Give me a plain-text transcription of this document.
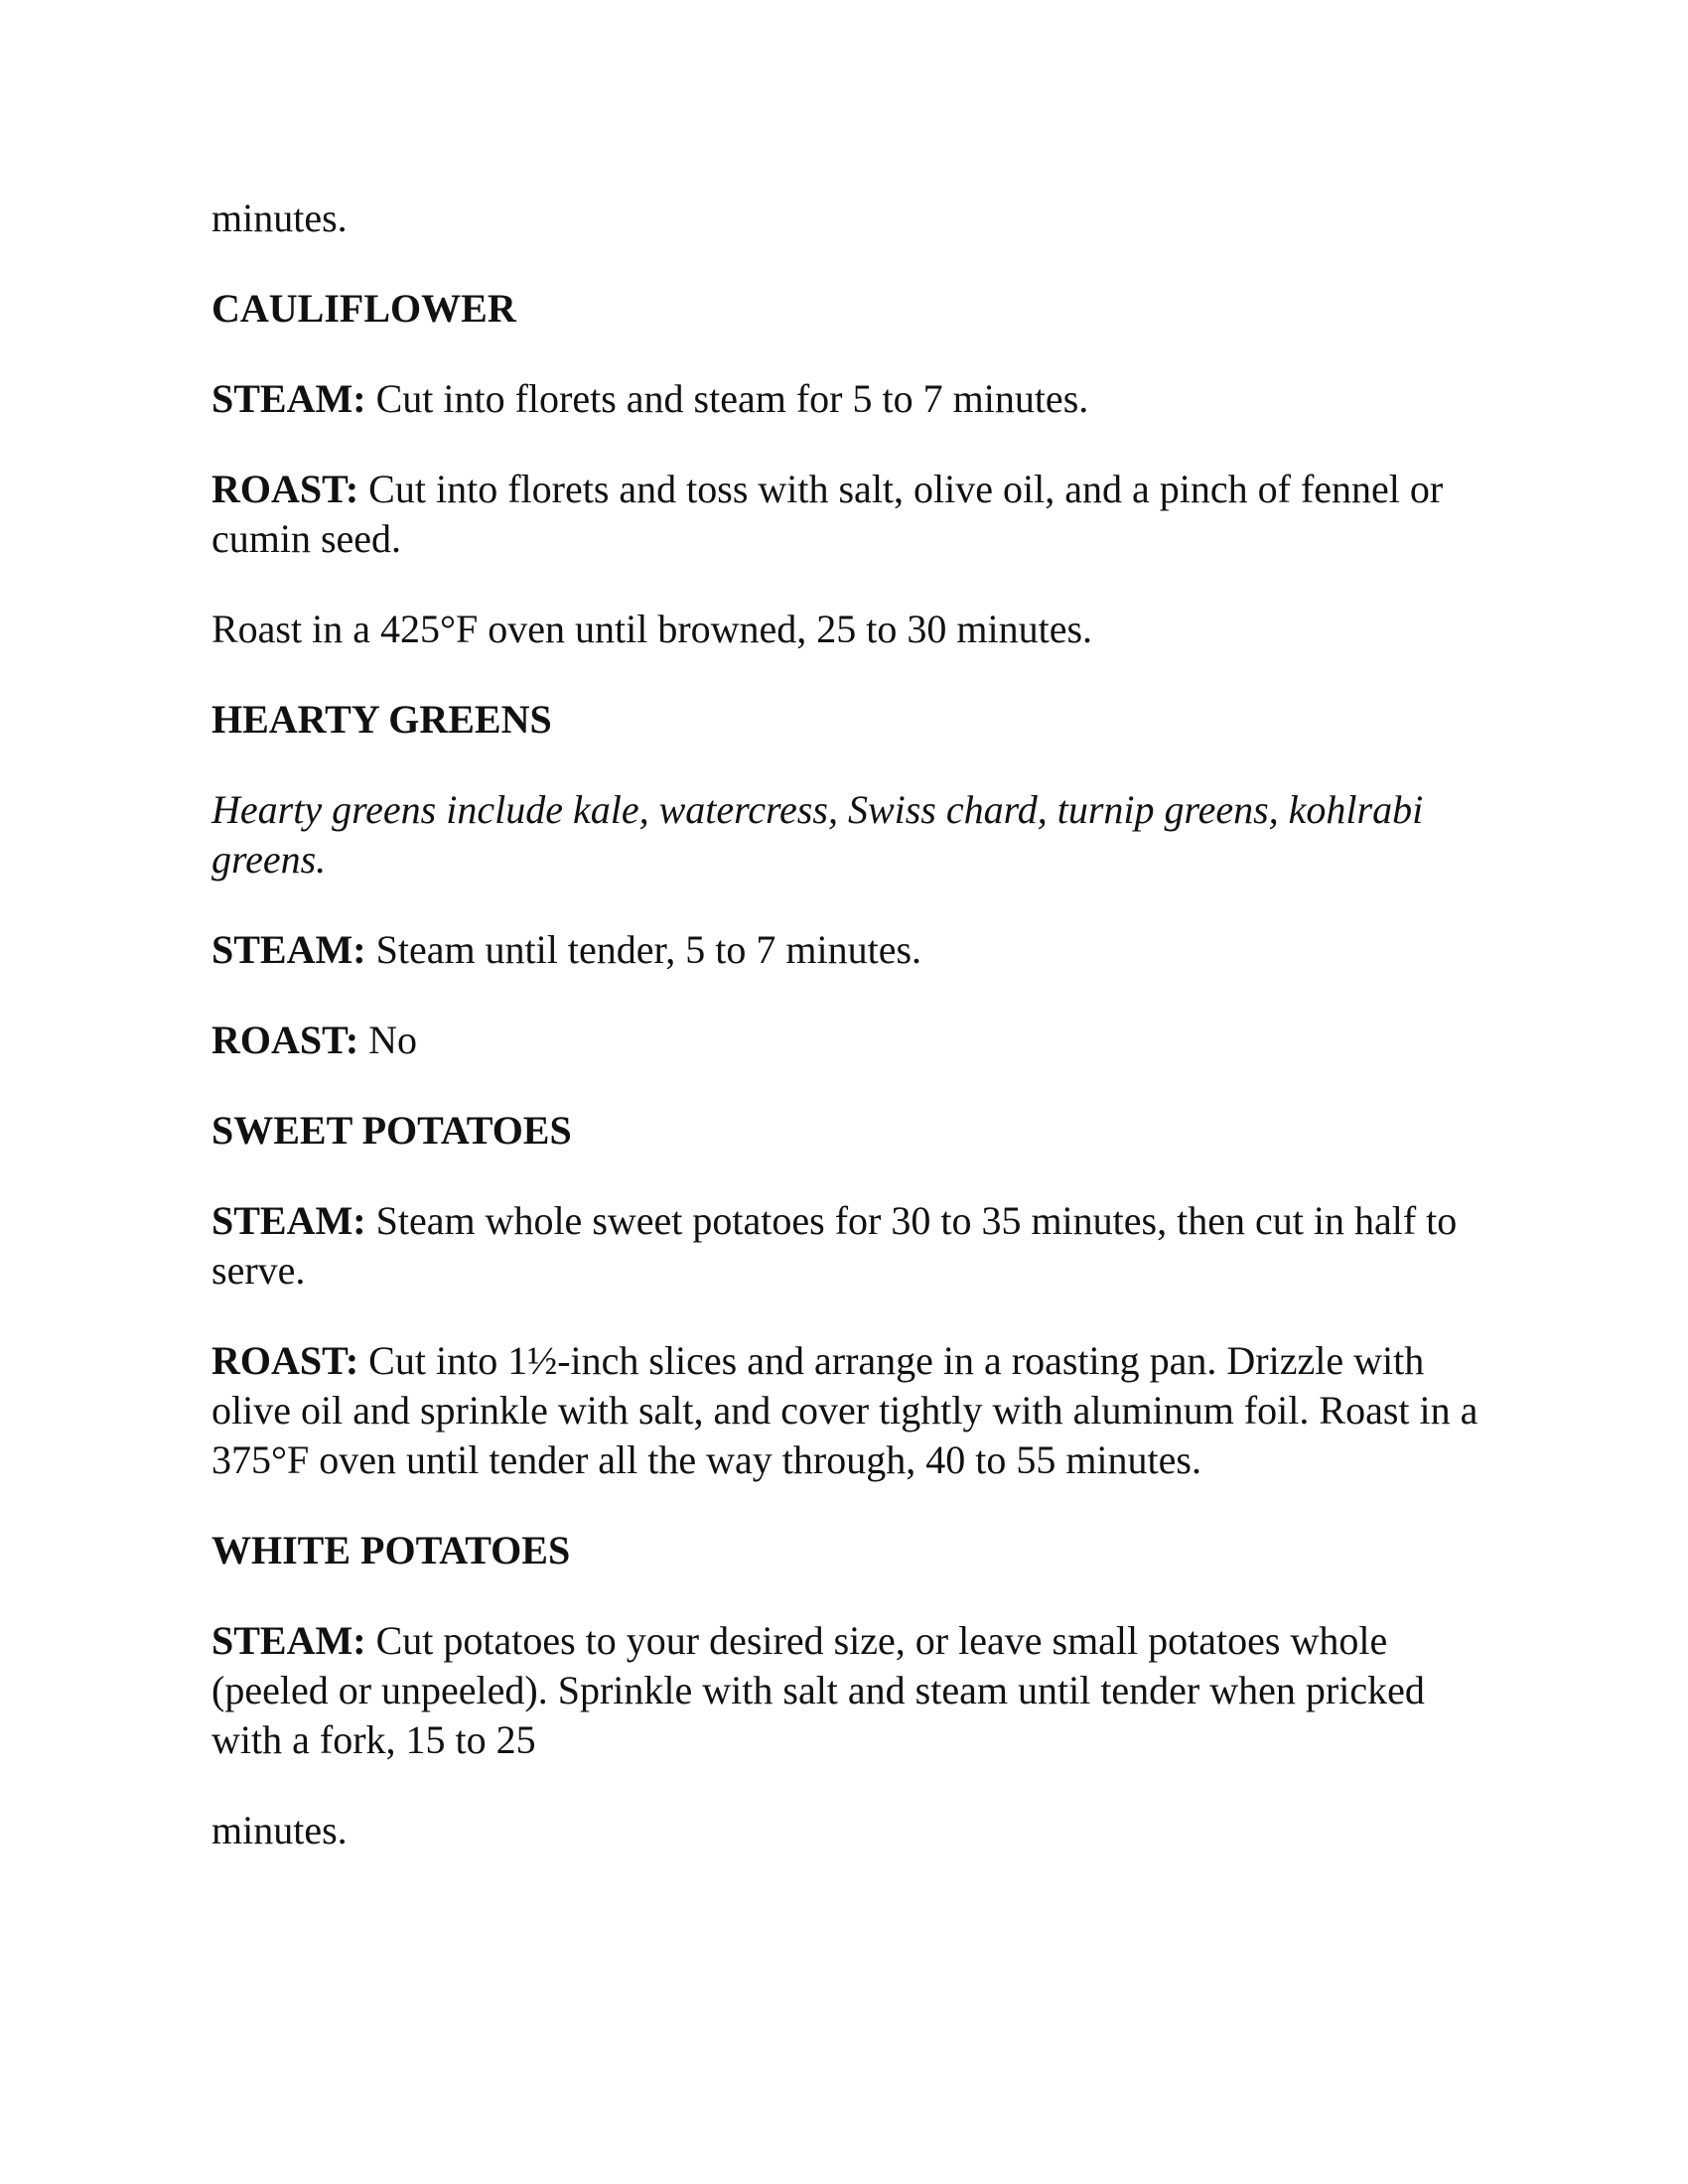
minutes.

CAULIFLOWER

STEAM: Cut into florets and steam for 5 to 7 minutes.

ROAST: Cut into florets and toss with salt, olive oil, and a pinch of fennel or cumin seed.

Roast in a 425°F oven until browned, 25 to 30 minutes.

HEARTY GREENS

Hearty greens include kale, watercress, Swiss chard, turnip greens, kohlrabi greens.

STEAM: Steam until tender, 5 to 7 minutes.

ROAST: No

SWEET POTATOES

STEAM: Steam whole sweet potatoes for 30 to 35 minutes, then cut in half to serve.

ROAST: Cut into 1½-inch slices and arrange in a roasting pan. Drizzle with olive oil and sprinkle with salt, and cover tightly with aluminum foil. Roast in a 375°F oven until tender all the way through, 40 to 55 minutes.

WHITE POTATOES

STEAM: Cut potatoes to your desired size, or leave small potatoes whole (peeled or unpeeled). Sprinkle with salt and steam until tender when pricked with a fork, 15 to 25

minutes.
